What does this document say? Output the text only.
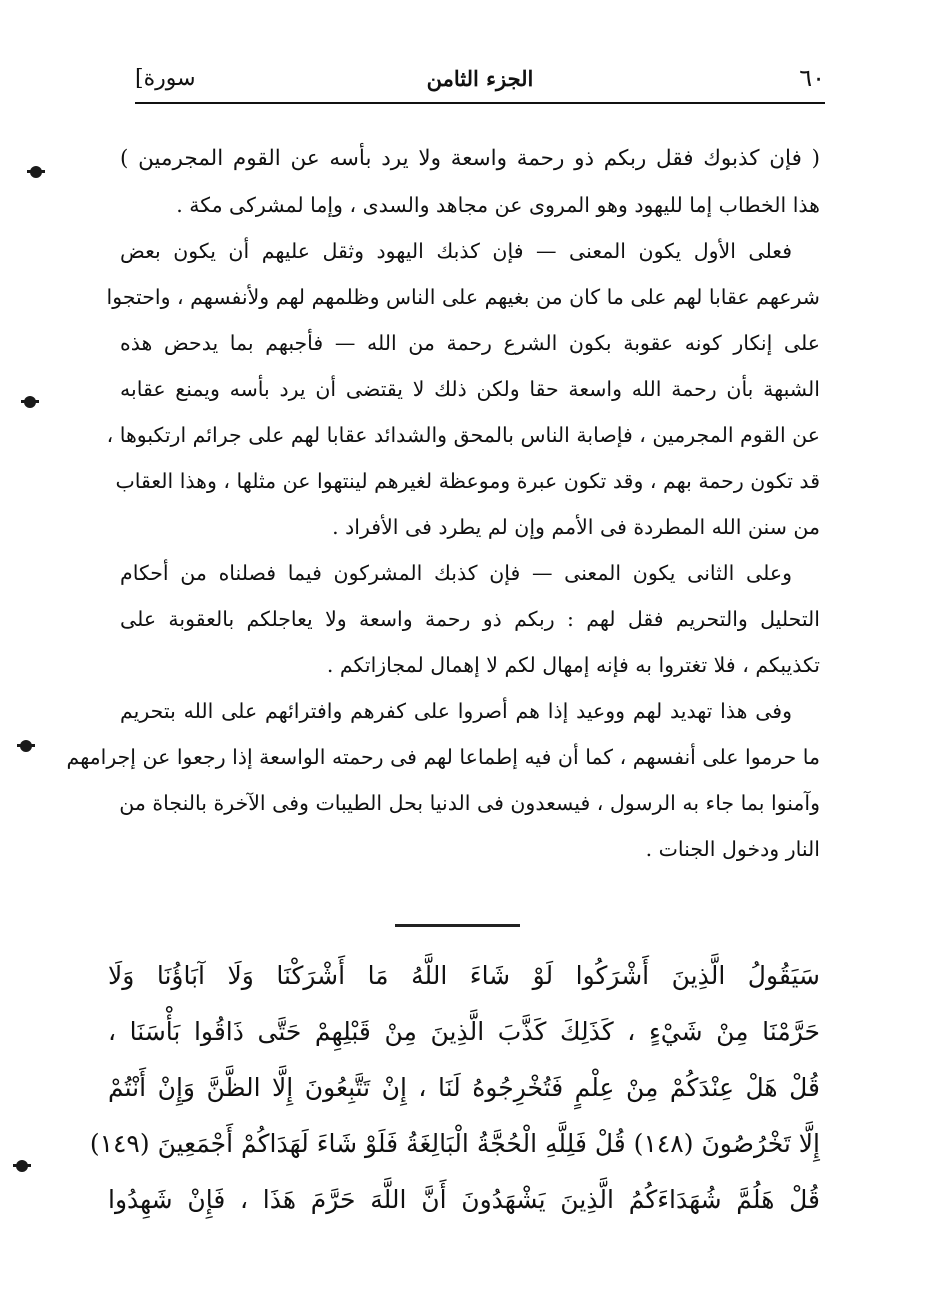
٦٠
الجزء الثامن
[سورة
( فإن كذبوك فقل ربكم ذو رحمة واسعة ولا يرد بأسه عن القوم المجرمين )
هذا الخطاب إما لليهود وهو المروى عن مجاهد والسدى ، وإما لمشركى مكة .
فعلى الأول يكون المعنى — فإن كذبك اليهود وثقل عليهم أن يكون بعض
شرعهم عقابا لهم على ما كان من بغيهم على الناس وظلمهم لهم ولأنفسهم ، واحتجوا
على إنكار كونه عقوبة بكون الشرع رحمة من الله — فأجبهم بما يدحض هذه
الشبهة بأن رحمة الله واسعة حقا ولكن ذلك لا يقتضى أن يرد بأسه ويمنع عقابه
عن القوم المجرمين ، فإصابة الناس بالمحق والشدائد عقابا لهم على جرائم ارتكبوها ،
قد تكون رحمة بهم ، وقد تكون عبرة وموعظة لغيرهم لينتهوا عن مثلها ، وهذا العقاب
من سنن الله المطردة فى الأمم وإن لم يطرد فى الأفراد .
وعلى الثانى يكون المعنى — فإن كذبك المشركون فيما فصلناه من أحكام
التحليل والتحريم فقل لهم : ربكم ذو رحمة واسعة ولا يعاجلكم بالعقوبة على
تكذيبكم ، فلا تغتروا به فإنه إمهال لكم لا إهمال لمجازاتكم .
وفى هذا تهديد لهم ووعيد إذا هم أصروا على كفرهم وافترائهم على الله بتحريم
ما حرموا على أنفسهم ، كما أن فيه إطماعا لهم فى رحمته الواسعة إذا رجعوا عن إجرامهم
وآمنوا بما جاء به الرسول ، فيسعدون فى الدنيا بحل الطيبات وفى الآخرة بالنجاة من
النار ودخول الجنات .
سَيَقُولُ الَّذِينَ أَشْرَكُوا لَوْ شَاءَ اللَّهُ مَا أَشْرَكْنَا وَلَا آبَاؤُنَا وَلَا
حَرَّمْنَا مِنْ شَيْءٍ ، كَذَلِكَ كَذَّبَ الَّذِينَ مِنْ قَبْلِهِمْ حَتَّى ذَاقُوا بَأْسَنَا ،
قُلْ هَلْ عِنْدَكُمْ مِنْ عِلْمٍ فَتُخْرِجُوهُ لَنَا ، إِنْ تَتَّبِعُونَ إِلَّا الظَّنَّ وَإِنْ أَنْتُمْ
إِلَّا تَخْرُصُونَ (١٤٨) قُلْ فَلِلَّهِ الْحُجَّةُ الْبَالِغَةُ فَلَوْ شَاءَ لَهَدَاكُمْ أَجْمَعِينَ (١٤٩)
قُلْ هَلُمَّ شُهَدَاءَكُمُ الَّذِينَ يَشْهَدُونَ أَنَّ اللَّهَ حَرَّمَ هَذَا ، فَإِنْ شَهِدُوا
